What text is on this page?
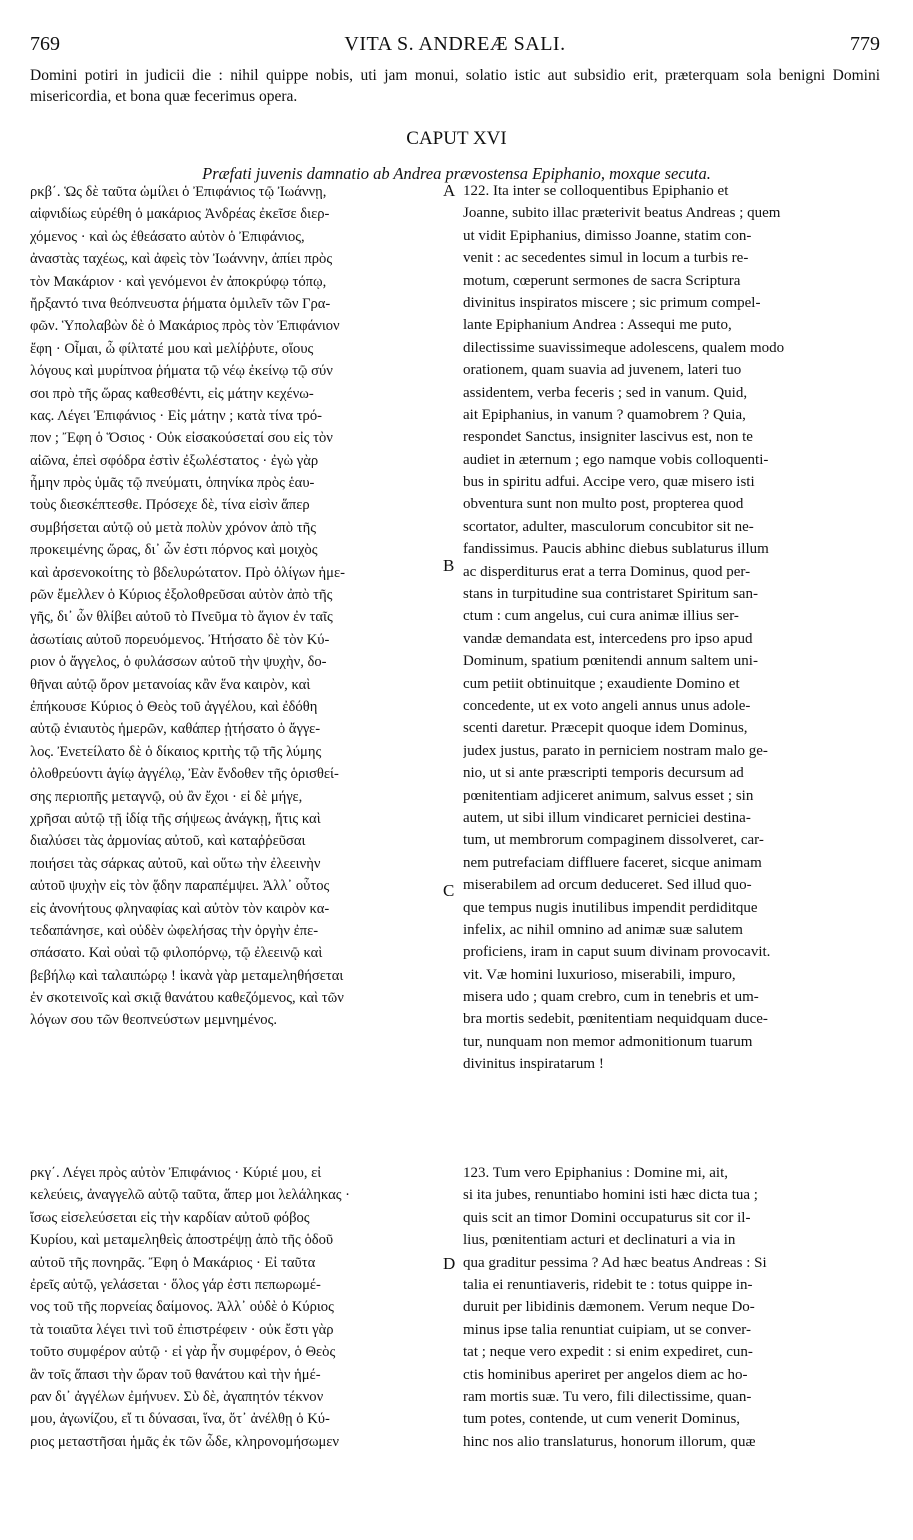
769	VITA S. ANDREÆ SALI.	779
Domini potiri in judicii die : nihil quippe nobis, uti jam monui, solatio istic aut subsidio erit, præterquam sola benigni Domini misericordia, et bona quæ fecerimus opera.
CAPUT XVI
Præfati juvenis damnatio ab Andrea prævostensa Epiphanio, moxque secuta.
ρκβ΄. Ὡς δὲ ταῦτα ὡμίλει ὁ Ἐπιφάνιος τῷ Ἰωάννῃ,
αἰφνιδίως εὑρέθη ὁ μακάριος Ἀνδρέας ἐκεῖσε διερ-
χόμενος · καὶ ὡς ἐθεάσατο αὐτὸν ὁ Ἐπιφάνιος,
ἀναστὰς ταχέως, καὶ ἀφεὶς τὸν Ἰωάννην, ἀπίει πρὸς
τὸν Μακάριον · καὶ γενόμενοι ἐν ἀποκρύφῳ τόπῳ,
ἤρξαντό τινα θεόπνευστα ῥήματα ὁμιλεῖν τῶν Γρα-
φῶν. Ὑπολαβὼν δὲ ὁ Μακάριος πρὸς τὸν Ἐπιφάνιον
ἔφη · Οἶμαι, ὦ φίλτατέ μου καὶ μελίῤῥυτε, οἵους
λόγους καὶ μυρίπνοα ῥήματα τῷ νέῳ ἐκείνῳ τῷ σύν
σοι πρὸ τῆς ὥρας καθεσθέντι, εἰς μάτην κεχένω-
κας. Λέγει Ἐπιφάνιος · Εἰς μάτην ; κατὰ τίνα τρό-
πον ; Ἔφη ὁ Ὅσιος · Οὐκ εἰσακούσεταί σου εἰς τὸν
αἰῶνα, ἐπεὶ σφόδρα ἐστὶν ἐξωλέστατος · ἐγὼ γὰρ
ἦμην πρὸς ὑμᾶς τῷ πνεύματι, ὁπηνίκα πρὸς ἑαυ-
τοὺς διεσκέπτεσθε. Πρόσεχε δὲ, τίνα εἰσὶν ἅπερ
συμβήσεται αὐτῷ οὐ μετὰ πολὺν χρόνον ἀπὸ τῆς
προκειμένης ὥρας, δι᾽ ὧν ἐστι πόρνος καὶ μοιχὸς
καὶ ἀρσενοκοίτης τὸ βδελυρώτατον. Πρὸ ὀλίγων ἡμε-
ρῶν ἔμελλεν ὁ Κύριος ἐξολοθρεῦσαι αὐτὸν ἀπὸ τῆς
γῆς, δι᾽ ὧν θλίβει αὐτοῦ τὸ Πνεῦμα τὸ ἅγιον ἐν ταῖς
ἀσωτίαις αὐτοῦ πορευόμενος. Ἠτήσατο δὲ τὸν Κύ-
ριον ὁ ἄγγελος, ὁ φυλάσσων αὐτοῦ τὴν ψυχὴν, δο-
θῆναι αὐτῷ ὅρον μετανοίας κἂν ἕνα καιρὸν, καὶ
ἐπήκουσε Κύριος ὁ Θεὸς τοῦ ἀγγέλου, καὶ ἐδόθη
αὐτῷ ἐνιαυτὸς ἡμερῶν, καθάπερ ᾐτήσατο ὁ ἄγγε-
λος. Ἐνετείλατο δὲ ὁ δίκαιος κριτὴς τῷ τῆς λύμης
ὀλοθρεύοντι ἁγίῳ ἀγγέλῳ, Ἐὰν ἔνδοθεν τῆς ὁρισθεί-
σης περιοπῆς μεταγνῷ, οὐ ἂν ἔχοι · εἰ δὲ μήγε,
χρῆσαι αὐτῷ τῇ ἰδίᾳ τῆς σήψεως ἀνάγκῃ, ἥτις καὶ
διαλύσει τὰς ἁρμονίας αὐτοῦ, καὶ καταῤῥεῦσαι
ποιήσει τὰς σάρκας αὐτοῦ, καὶ οὕτω τὴν ἐλεεινὴν
αὐτοῦ ψυχὴν εἰς τὸν ᾅδην παραπέμψει. Ἀλλ᾽ οὗτος
εἰς ἀνονήτους φληναφίας καὶ αὐτὸν τὸν καιρὸν κα-
τεδαπάνησε, καὶ οὐδὲν ὠφελήσας τὴν ὀργὴν ἐπε-
σπάσατο. Καὶ οὐαὶ τῷ φιλοπόρνῳ, τῷ ἐλεεινῷ καὶ
βεβήλῳ καὶ ταλαιπώρῳ ! ἱκανὰ γὰρ μεταμεληθήσεται
ἐν σκοτεινοῖς καὶ σκιᾷ θανάτου καθεζόμενος, καὶ τῶν
λόγων σου τῶν θεοπνεύστων μεμνημένος.
122. Ita inter se colloquentibus Epiphanio et
Joanne, subito illac præterivit beatus Andreas ; quem
ut vidit Epiphanius, dimisso Joanne, statim con-
venit : ac secedentes simul in locum a turbis re-
motum, cœperunt sermones de sacra Scriptura
divinitus inspiratos miscere ; sic primum compel-
lante Epiphanium Andrea : Assequi me puto,
dilectissime suavissimeque adolescens, qualem modo
orationem, quam suavia ad juvenem, lateri tuo
assidentem, verba feceris ; sed in vanum. Quid,
ait Epiphanius, in vanum ? quamobrem ? Quia,
respondet Sanctus, insigniter lascivus est, non te
audiet in æternum ; ego namque vobis colloquenti-
bus in spiritu adfui. Accipe vero, quæ misero isti
obventura sunt non multo post, propterea quod
scortator, adulter, masculorum concubitor sit ne-
fandissimus. Paucis abhinc diebus sublaturus illum
ac disperditurus erat a terra Dominus, quod per-
stans in turpitudine sua contristaret Spiritum san-
ctum : cum angelus, cui cura animæ illius ser-
vandæ demandata est, intercedens pro ipso apud
Dominum, spatium pœnitendi annum saltem uni-
cum petiit obtinuitque ; exaudiente Domino et
concedente, ut ex voto angeli annus unus adole-
scenti daretur. Præcepit quoque idem Dominus,
judex justus, parato in perniciem nostram malo ge-
nio, ut si ante præscripti temporis decursum ad
pœnitentiam adjiceret animum, salvus esset ; sin
autem, ut sibi illum vindicaret perniciei destina-
tum, ut membrorum compaginem dissolveret, car-
nem putrefaciam diffluere faceret, sicque animam
miserabilem ad orcum deduceret. Sed illud quo-
que tempus nugis inutilibus impendit perdiditque
infelix, ac nihil omnino ad animæ suæ salutem
proficiens, iram in caput suum divinam provocavit.
vit. Væ homini luxurioso, miserabili, impuro,
misera udo ; quam crebro, cum in tenebris et um-
bra mortis sedebit, pœnitentiam nequidquam duce-
tur, nunquam non memor admonitionum tuarum
divinitus inspiratarum !
ρκγ΄. Λέγει πρὸς αὐτὸν Ἐπιφάνιος · Κύριέ μου, εἰ
κελεύεις, ἀναγγελῶ αὐτῷ ταῦτα, ἅπερ μοι λελάληκας ·
ἴσως εἰσελεύσεται εἰς τὴν καρδίαν αὐτοῦ φόβος
Κυρίου, καὶ μεταμεληθεὶς ἀποστρέψῃ ἀπὸ τῆς ὁδοῦ
αὐτοῦ τῆς πονηρᾶς. Ἔφη ὁ Μακάριος · Εἰ ταῦτα
ἐρεῖς αὐτῷ, γελάσεται · ὅλος γάρ ἐστι πεπωρωμέ-
νος τοῦ τῆς πορνείας δαίμονος. Ἀλλ᾽ οὐδὲ ὁ Κύριος
τὰ τοιαῦτα λέγει τινὶ τοῦ ἐπιστρέφειν · οὐκ ἔστι γὰρ
τοῦτο συμφέρον αὐτῷ · εἰ γὰρ ἦν συμφέρον, ὁ Θεὸς
ἂν τοῖς ἅπασι τὴν ὥραν τοῦ θανάτου καὶ τὴν ἡμέ-
ραν δι᾽ ἀγγέλων ἐμήνυεν. Σὺ δὲ, ἀγαπητόν τέκνον
μου, ἀγωνίζου, εἴ τι δύνασαι, ἵνα, ὅτ᾽ ἀνέλθῃ ὁ Κύ-
ριος μεταστῆσαι ἡμᾶς ἐκ τῶν ὧδε, κληρονομήσωμεν
123. Tum vero Epiphanius : Domine mi, ait,
si ita jubes, renuntiabo homini isti hæc dicta tua ;
quis scit an timor Domini occupaturus sit cor il-
lius, pœnitentiam acturi et declinaturi a via in
qua graditur pessima ? Ad hæc beatus Andreas : Si
talia ei renuntiaveris, ridebit te : totus quippe in-
duruit per libidinis dæmonem. Verum neque Do-
minus ipse talia renuntiat cuipiam, ut se conver-
tat ; neque vero expedit : si enim expediret, cun-
ctis hominibus aperiret per angelos diem ac ho-
ram mortis suæ. Tu vero, fili dilectissime, quan-
tum potes, contende, ut cum venerit Dominus,
hinc nos alio translaturus, honorum illorum, quæ
A
B
C
D
